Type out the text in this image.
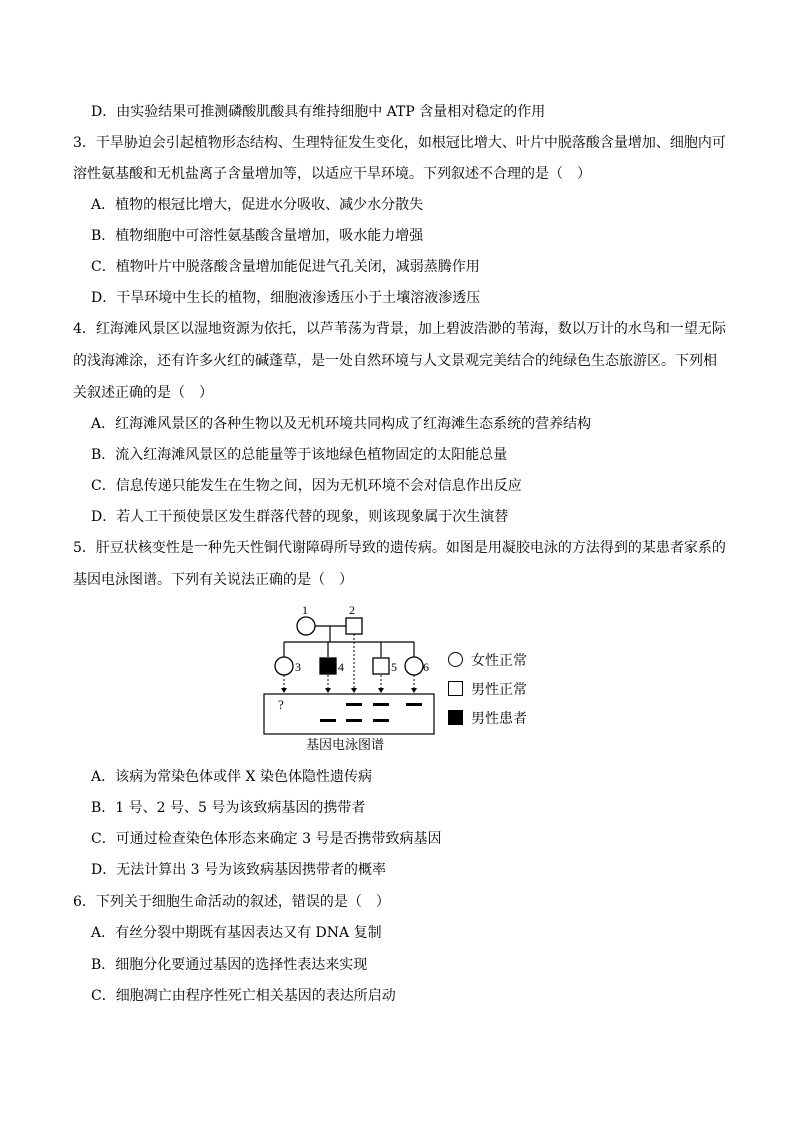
D．由实验结果可推测磷酸肌酸具有维持细胞中 ATP 含量相对稳定的作用
3．干旱胁迫会引起植物形态结构、生理特征发生变化，如根冠比增大、叶片中脱落酸含量增加、细胞内可
溶性氨基酸和无机盐离子含量增加等，以适应干旱环境。下列叙述不合理的是（　）
A．植物的根冠比增大，促进水分吸收、减少水分散失
B．植物细胞中可溶性氨基酸含量增加，吸水能力增强
C．植物叶片中脱落酸含量增加能促进气孔关闭，减弱蒸腾作用
D．干旱环境中生长的植物，细胞液渗透压小于土壤溶液渗透压
4．红海滩风景区以湿地资源为依托，以芦苇荡为背景，加上碧波浩渺的苇海，数以万计的水鸟和一望无际
的浅海滩涂，还有许多火红的碱蓬草，是一处自然环境与人文景观完美结合的纯绿色生态旅游区。下列相
关叙述正确的是（　）
A．红海滩风景区的各种生物以及无机环境共同构成了红海滩生态系统的营养结构
B．流入红海滩风景区的总能量等于该地绿色植物固定的太阳能总量
C．信息传递只能发生在生物之间，因为无机环境不会对信息作出反应
D．若人工干预使景区发生群落代替的现象，则该现象属于次生演替
5．肝豆状核变性是一种先天性铜代谢障碍所导致的遗传病。如图是用凝胶电泳的方法得到的某患者家系的
基因电泳图谱。下列有关说法正确的是（　）
1	2
3	4	5 6
?
基因电泳图谱
女性正常
男性正常
男性患者
A．该病为常染色体或伴 X 染色体隐性遗传病
B．1 号、2 号、5 号为该致病基因的携带者
C．可通过检查染色体形态来确定 3 号是否携带致病基因
D．无法计算出 3 号为该致病基因携带者的概率
6．下列关于细胞生命活动的叙述，错误的是（　）
A．有丝分裂中期既有基因表达又有 DNA 复制
B．细胞分化要通过基因的选择性表达来实现
C．细胞凋亡由程序性死亡相关基因的表达所启动
